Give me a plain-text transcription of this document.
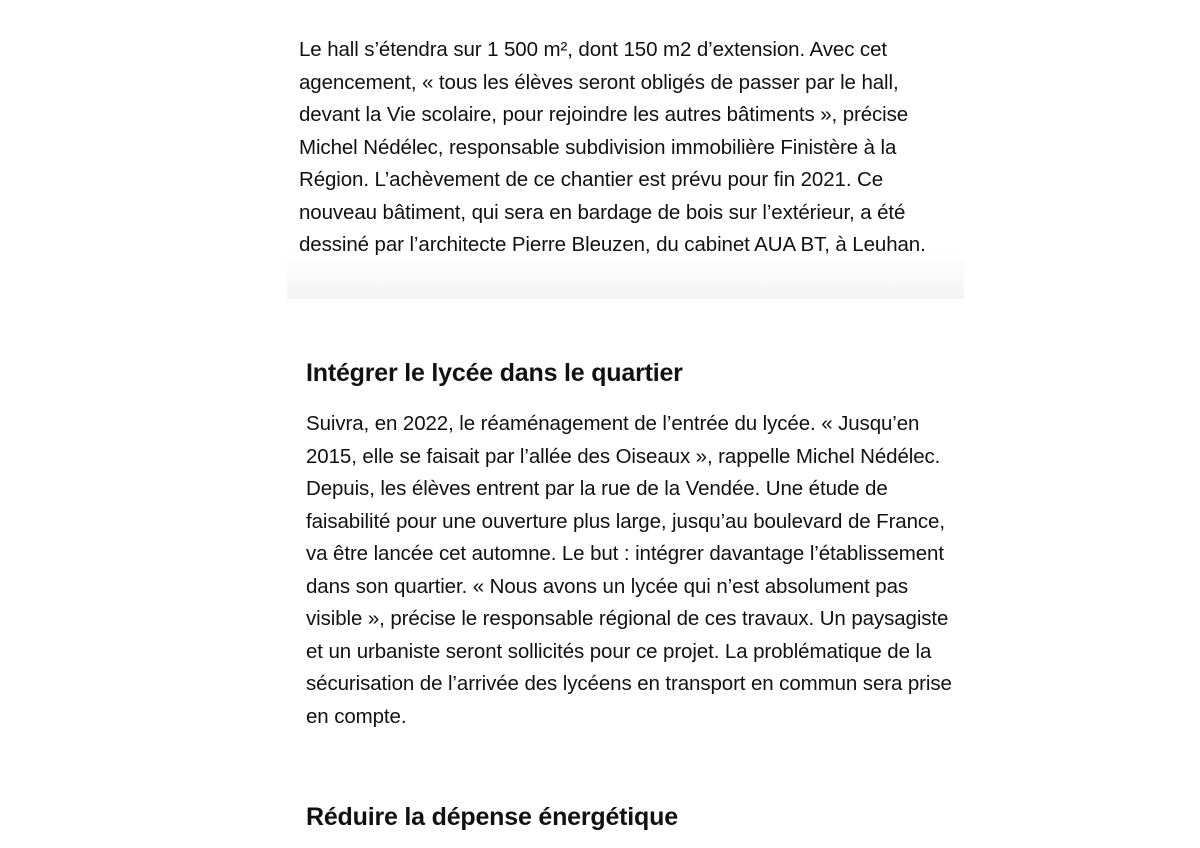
Le hall s’étendra sur 1 500 m², dont 150 m2 d’extension. Avec cet agencement, « tous les élèves seront obligés de passer par le hall, devant la Vie scolaire, pour rejoindre les autres bâtiments », précise Michel Nédélec, responsable subdivision immobilière Finistère à la Région. L’achèvement de ce chantier est prévu pour fin 2021. Ce nouveau bâtiment, qui sera en bardage de bois sur l’extérieur, a été dessiné par l’architecte Pierre Bleuzen, du cabinet AUA BT, à Leuhan.

Intégrer le lycée dans le quartier

Suivra, en 2022, le réaménagement de l’entrée du lycée. « Jusqu’en 2015, elle se faisait par l’allée des Oiseaux », rappelle Michel Nédélec. Depuis, les élèves entrent par la rue de la Vendée. Une étude de faisabilité pour une ouverture plus large, jusqu’au boulevard de France, va être lancée cet automne. Le but : intégrer davantage l’établissement dans son quartier. « Nous avons un lycée qui n’est absolument pas visible », précise le responsable régional de ces travaux. Un paysagiste et un urbaniste seront sollicités pour ce projet. La problématique de la sécurisation de l’arrivée des lycéens en transport en commun sera prise en compte.

Réduire la dépense énergétique
